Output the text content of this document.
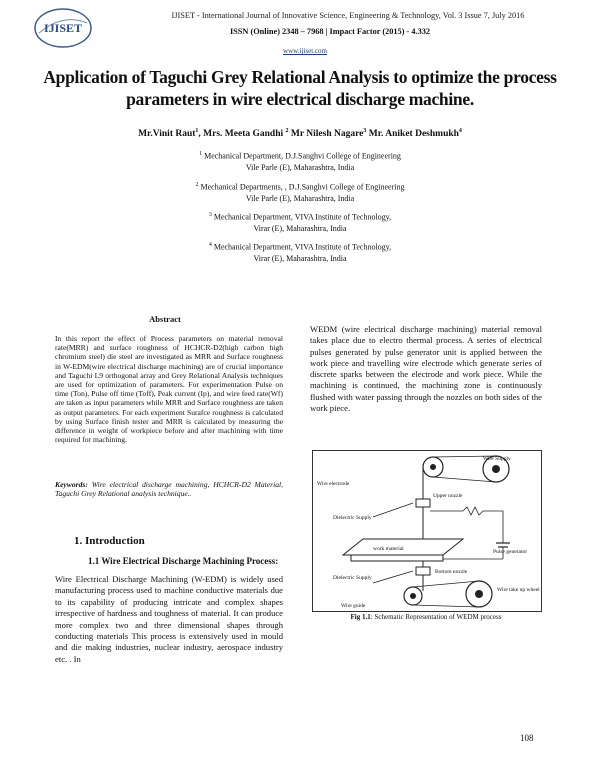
IJISET
IJISET - International Journal of Innovative Science, Engineering & Technology, Vol. 3 Issue 7, July 2016
ISSN (Online) 2348 – 7968 | Impact Factor (2015) - 4.332
www.ijiset.com
Application of Taguchi Grey Relational Analysis to optimize the process parameters in wire electrical discharge machine.
Mr.Vinit Raut$^1$, Mrs. Meeta Gandhi $^2$ Mr Nilesh Nagare$^3$ Mr. Aniket Deshmukh$^4$
$^1$ Mechanical Department, D.J.Sanghvi College of Engineering
Vile Parle (E), Maharashtra, India
$^2$ Mechanical Departments, , D.J.Sanghvi College of Engineering
Vile Parle (E), Maharashtra, India
$^3$ Mechanical Department, VIVA Institute of Technology,
Virar (E), Maharashtra, India
$^4$ Mechanical Department, VIVA Institute of Technology,
Virar (E), Maharashtra, India
Abstract
In this report the effect of Process parameters on material removal rate(MRR) and surface roughness of HCHCR-D2(high carbon high chromium steel) die steel are investigated as MRR and Surface roughness in W-EDM(wire electrical discharge machining) are of crucial importance and Taguchi L9 orthogonal array and Grey Relational Analysis techniques are used for optimization of parameters. For experimentation Pulse on time (Ton), Pulse off time (Toff), Peak current (Ip), and wire feed rate(Wf) are taken as input parameters while MRR and Surface roughness are taken as output parameters. For each experiment Surafce roughness is calculated by using Surface finish tester and MRR is calculated by measuring the difference in weight of workpiece before and after machining with time required for machining.
Keywords: Wire electrical discharge machining, HCHCR-D2 Material, Taguchi Grey Relational analysis technique..
1. Introduction
1.1 Wire Electrical Discharge Machining Process:
Wire Electrical Discharge Machining (W-EDM) is widely used manufacturing process used to machine conductive materials due to its capability of producing intricate and complex shapes irrespective of hardness and toughness of material. It can produce more complex two and three dimensional shapes through conducting materials This process is extensively used in mould and die making industries, nuclear industry, aerospace industry etc. . In
WEDM (wire electrical discharge machining) material removal takes place due to electro thermal process. A series of electrical pulses generated by pulse generator unit is applied between the work piece and travelling wire electrode which generate series of discrete sparks between the electrode and work piece. While the machining is continued, the machining zone is continuously flushed with water passing through the nozzles on both sides of the work piece.
Wire Supply
Wire electrode
Upper nozzle
Dielectric Supply
work material	Pulse generator
Bottom nozzle
Dielectric Supply
Wire guide
Wire take up wheel
Fig 1.1: Schematic Representation of WEDM process
108
